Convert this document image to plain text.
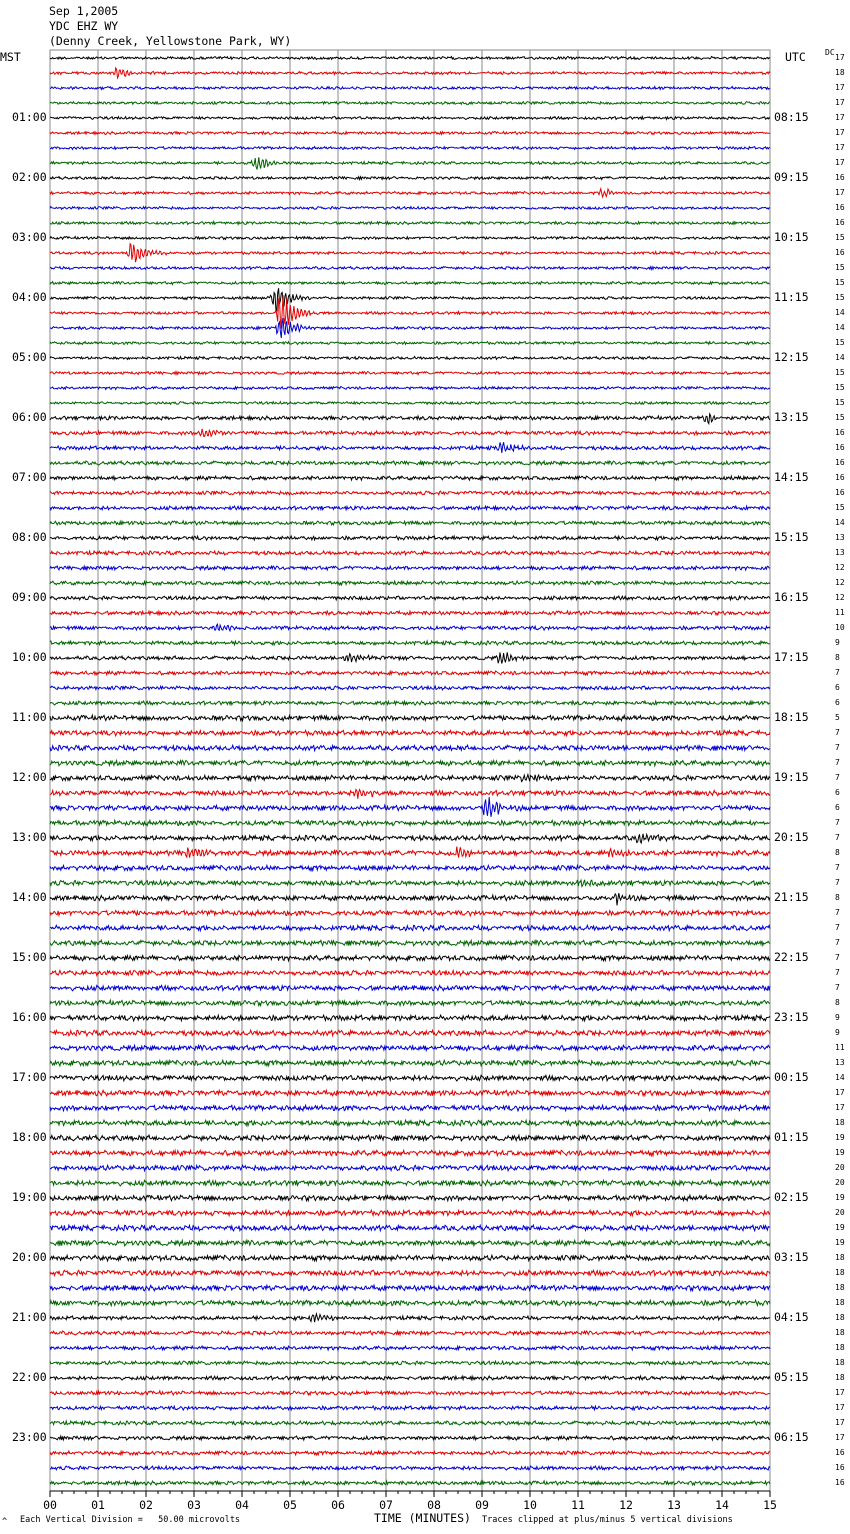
Sep 1,2005
YDC EHZ WY
(Denny Creek, Yellowstone Park, WY)
MST	UTC DC
00	01	02	03	04	05	06	07	08	09	10	11	12	13	14	15
01:00
02:00
03:00
04:00
05:00
06:00
07:00
08:00
09:00
10:00
11:00
12:00
13:00
14:00
15:00
16:00
17:00
18:00
19:00
20:00
21:00
22:00
23:00
08:15
09:15
10:15
11:15
12:15
13:15
14:15
15:15
16:15
17:15
18:15
19:15
20:15
21:15
22:15
23:15
00:15
01:15
02:15
03:15
04:15
05:15
06:15
17
18
17
17
17
17
17
17
16
17
16
16
15
16
15
15
15
14
14
15
14
15
15
15
15
16
16
16
16
16
15
14
13
13
12
12
12
11
10
9
8
7
6
6
5
7
7
7
7
6
6
7
7
8
7
7
8
7
7
7
7
7
7
8
9
9
11
13
14
17
17
18
19
19
20
20
19
20
19
19
18
18
18
18
18
18
18
18
18
17
17
17
17
16
16
16
^ Each Vertical Division =   50.00 microvolts	TIME (MINUTES) Traces clipped at plus/minus 5 vertical divisions
